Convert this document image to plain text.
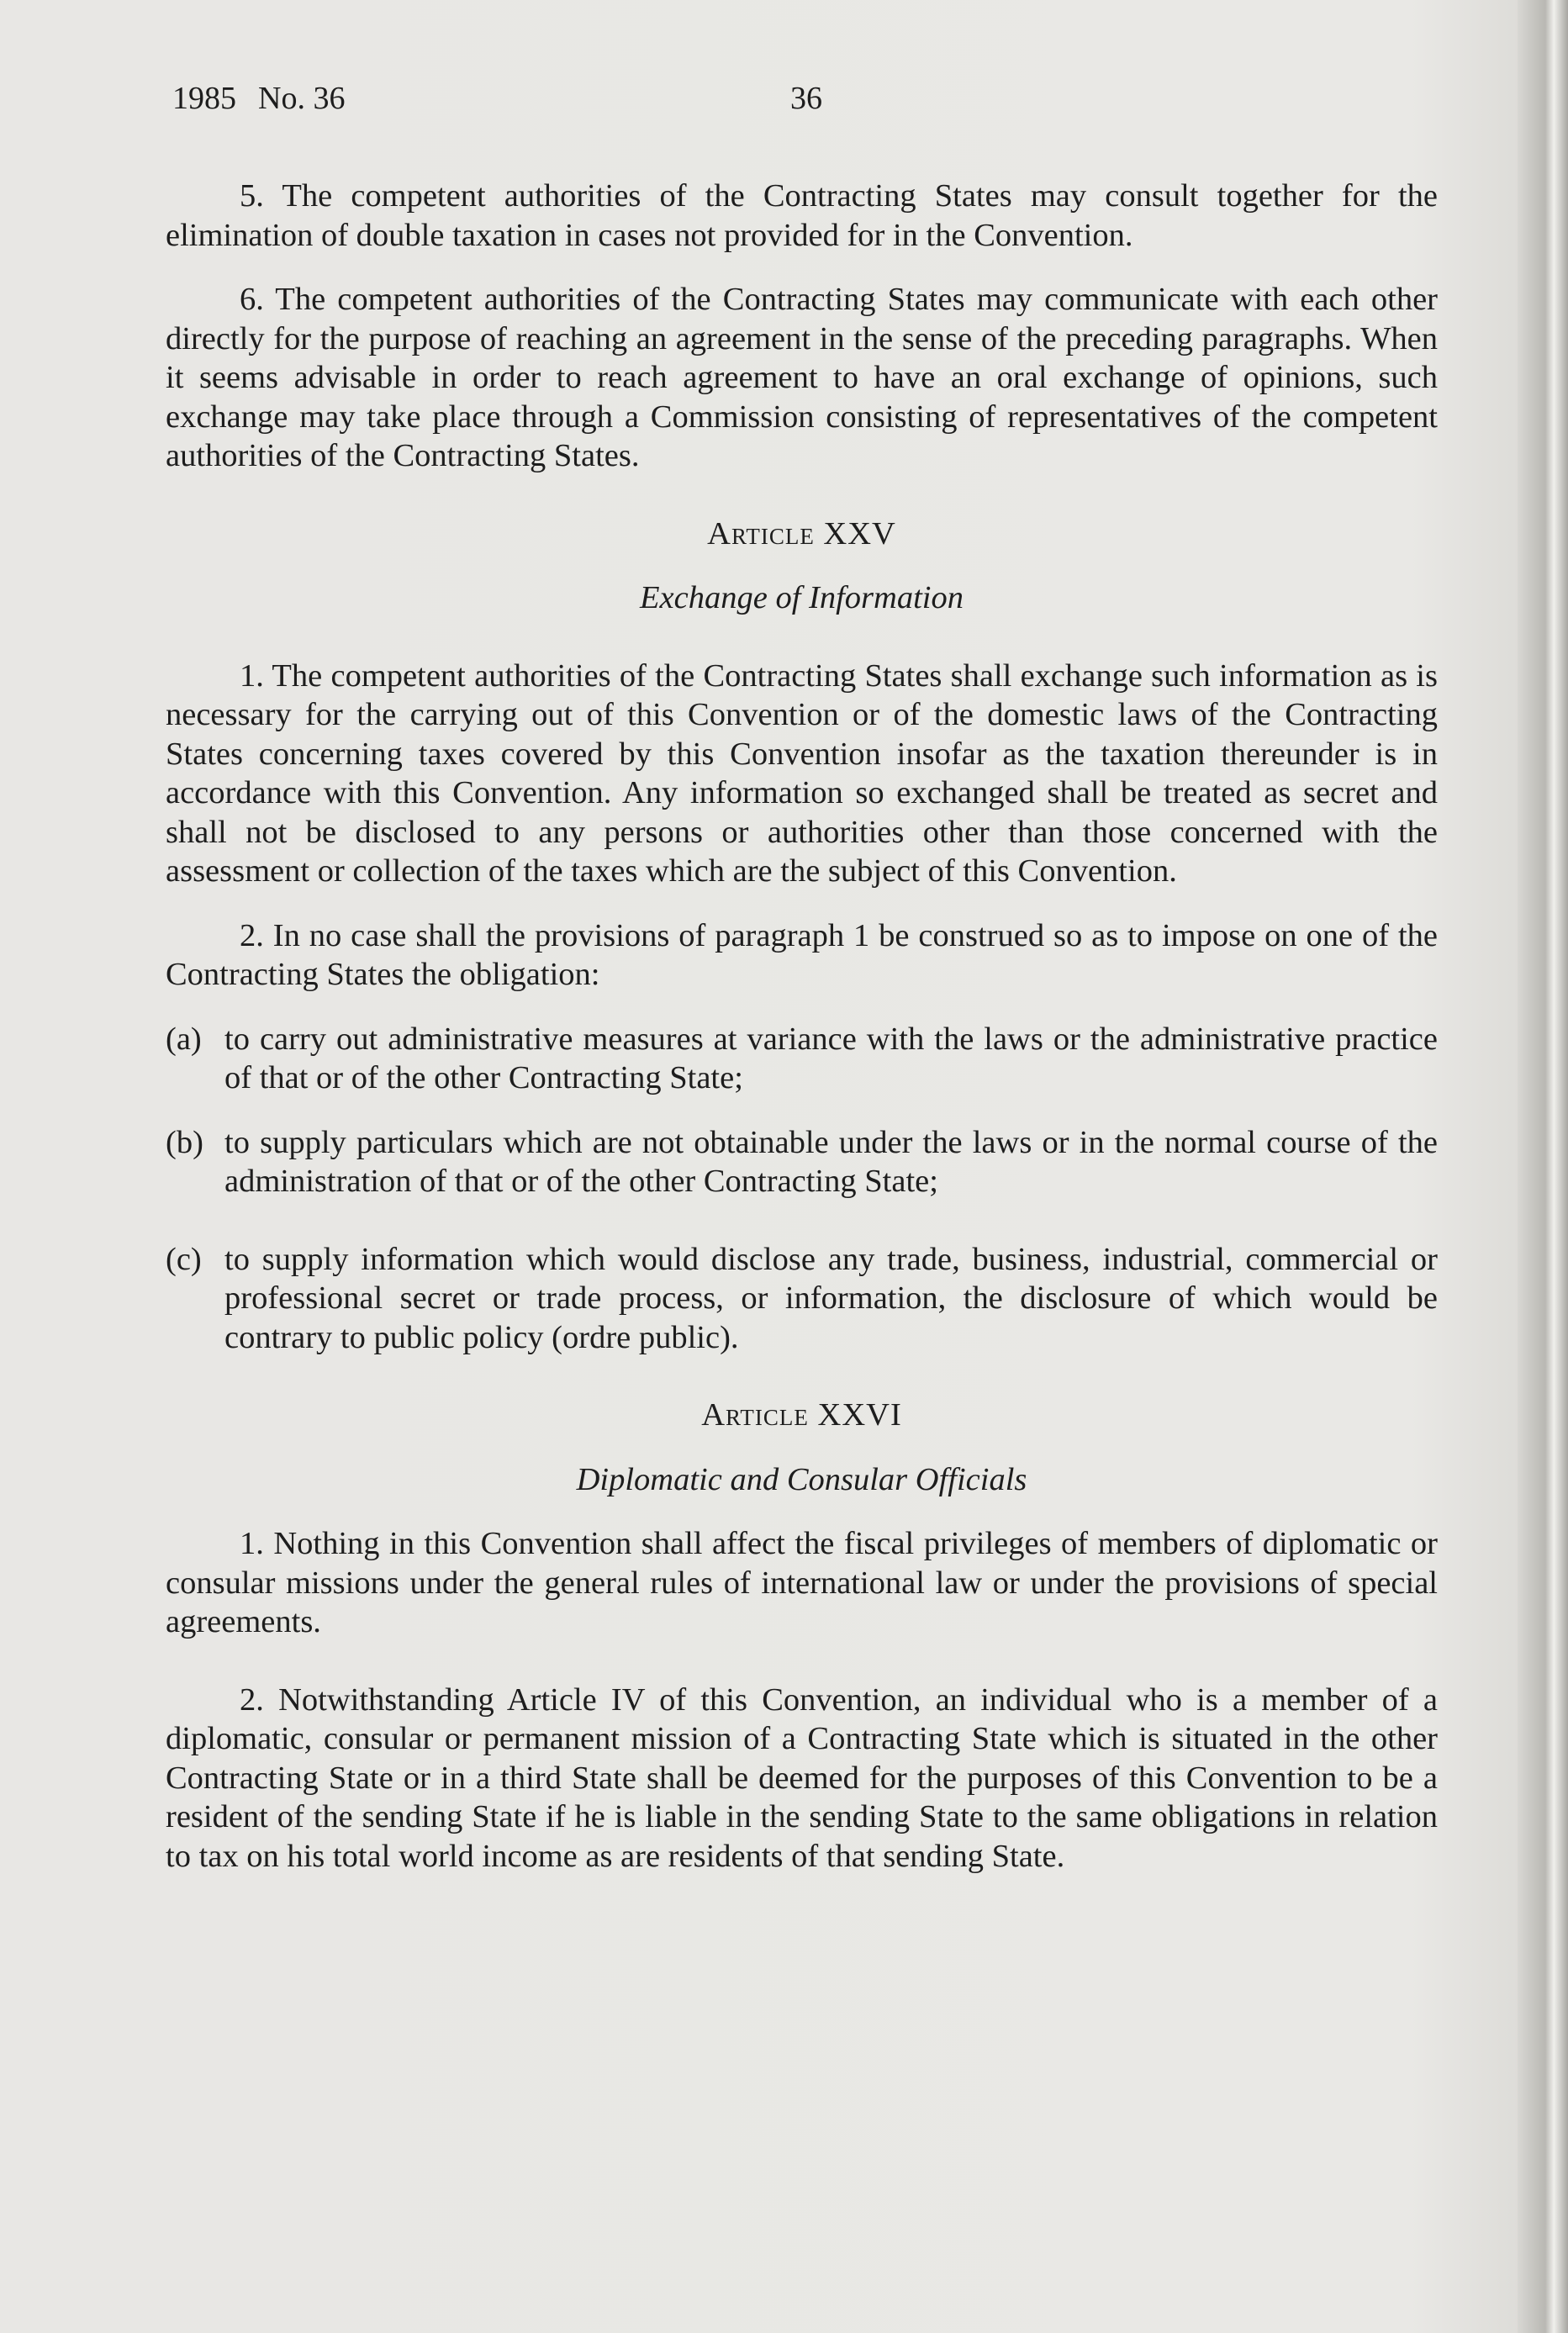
1985 No. 36	36

5. The competent authorities of the Contracting States may consult together for the elimination of double taxation in cases not provided for in the Convention.

6. The competent authorities of the Contracting States may communicate with each other directly for the purpose of reaching an agreement in the sense of the preceding paragraphs. When it seems advisable in order to reach agreement to have an oral exchange of opinions, such exchange may take place through a Commission consisting of representatives of the competent authorities of the Contracting States.

Article XXV

Exchange of Information

1. The competent authorities of the Contracting States shall exchange such information as is necessary for the carrying out of this Convention or of the domestic laws of the Contracting States concerning taxes covered by this Convention insofar as the taxation thereunder is in accordance with this Convention. Any information so exchanged shall be treated as secret and shall not be disclosed to any persons or authorities other than those concerned with the assessment or collection of the taxes which are the subject of this Convention.

2. In no case shall the provisions of paragraph 1 be construed so as to impose on one of the Contracting States the obligation:

(a) to carry out administrative measures at variance with the laws or the administrative practice of that or of the other Contracting State;
(b) to supply particulars which are not obtainable under the laws or in the normal course of the administration of that or of the other Contracting State;
(c) to supply information which would disclose any trade, business, industrial, commercial or professional secret or trade process, or information, the disclosure of which would be contrary to public policy (ordre public).

Article XXVI

Diplomatic and Consular Officials

1. Nothing in this Convention shall affect the fiscal privileges of members of diplomatic or consular missions under the general rules of international law or under the provisions of special agreements.

2. Notwithstanding Article IV of this Convention, an individual who is a member of a diplomatic, consular or permanent mission of a Contracting State which is situated in the other Contracting State or in a third State shall be deemed for the purposes of this Convention to be a resident of the sending State if he is liable in the sending State to the same obligations in relation to tax on his total world income as are residents of that sending State.
